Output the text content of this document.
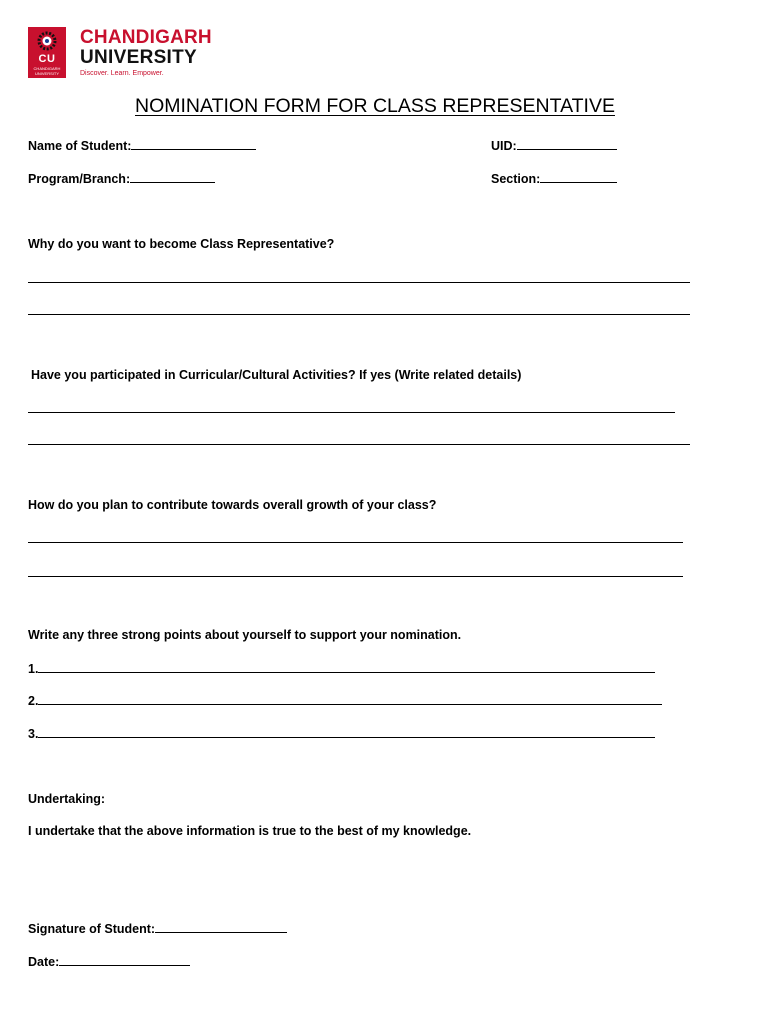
CU
CHANDIGARH UNIVERSITY
CHANDIGARH
UNIVERSITY
Discover. Learn. Empower.
NOMINATION FORM FOR CLASS REPRESENTATIVE
Name of Student:	UID:
Program/Branch:	Section:
Why do you want to become Class Representative?
Have you participated in Curricular/Cultural Activities? If yes (Write related details)
How do you plan to contribute towards overall growth of your class?
Write any three strong points about yourself to support your nomination.
1.
2.
3.
Undertaking:
I undertake that the above information is true to the best of my knowledge.
Signature of Student:
Date:
